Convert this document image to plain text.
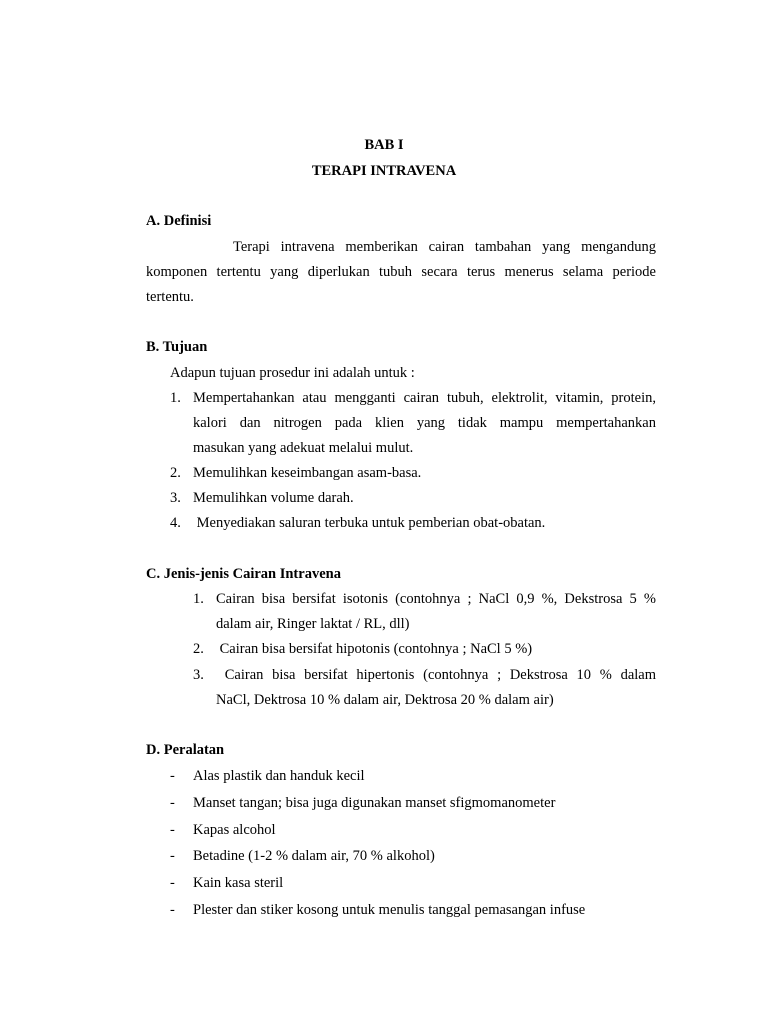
BAB I
TERAPI INTRAVENA
A. Definisi
Terapi intravena memberikan cairan tambahan yang mengandung
komponen tertentu yang diperlukan tubuh secara terus menerus selama periode
tertentu.
B. Tujuan
Adapun tujuan prosedur ini adalah untuk :
1. Mempertahankan atau mengganti cairan tubuh, elektrolit, vitamin, protein,
kalori dan nitrogen pada klien yang tidak mampu mempertahankan
masukan yang adekuat melalui mulut.
2. Memulihkan keseimbangan asam-basa.
3. Memulihkan volume darah.
4. Menyediakan saluran terbuka untuk pemberian obat-obatan.
C. Jenis-jenis Cairan Intravena
1. Cairan bisa bersifat isotonis (contohnya ; NaCl 0,9 %, Dekstrosa 5 %
dalam air, Ringer laktat / RL, dll)
2. Cairan bisa bersifat hipotonis (contohnya ; NaCl 5 %)
3. Cairan bisa bersifat hipertonis (contohnya ; Dekstrosa 10 % dalam
NaCl, Dektrosa 10 % dalam air, Dektrosa 20 % dalam air)
D. Peralatan
- Alas plastik dan handuk kecil
- Manset tangan; bisa juga digunakan manset sfigmomanometer
- Kapas alcohol
- Betadine (1-2 % dalam air, 70 % alkohol)
- Kain kasa steril
- Plester dan stiker kosong untuk menulis tanggal pemasangan infuse
